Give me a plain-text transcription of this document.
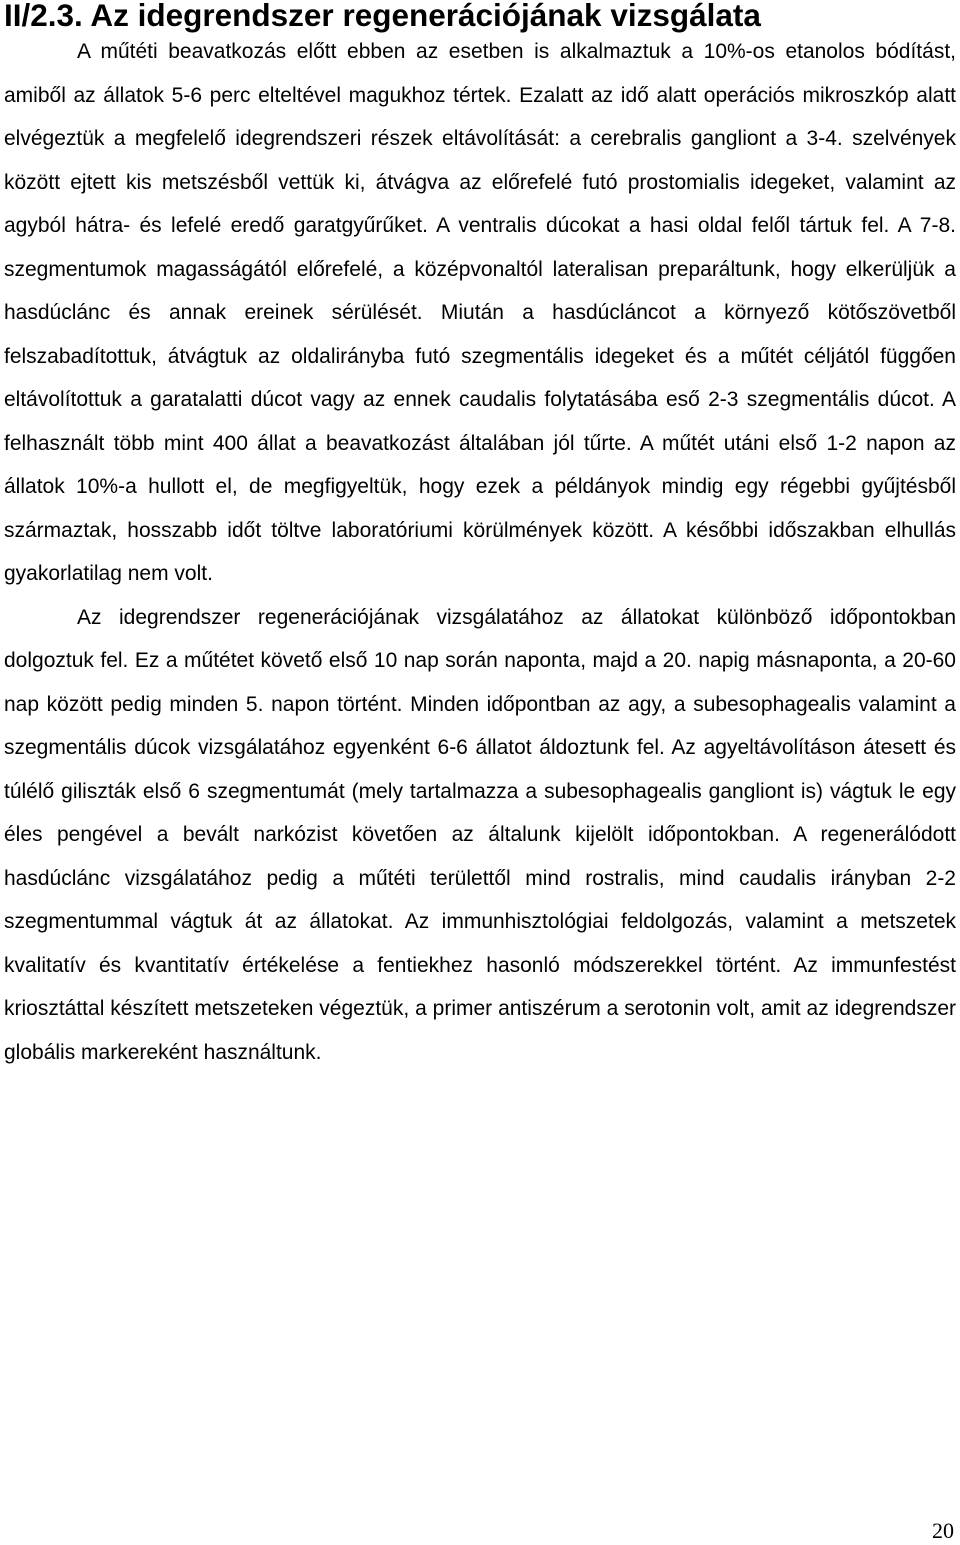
II/2.3. Az idegrendszer regenerációjának vizsgálata

A műtéti beavatkozás előtt ebben az esetben is alkalmaztuk a 10%-os etanolos bódítást, amiből az állatok 5-6 perc elteltével magukhoz tértek. Ezalatt az idő alatt operációs mikroszkóp alatt elvégeztük a megfelelő idegrendszeri részek eltávolítását: a cerebralis gangliont a 3-4. szelvények között ejtett kis metszésből vettük ki, átvágva az előrefelé futó prostomialis idegeket, valamint az agyból hátra- és lefelé eredő garatgyűrűket. A ventralis dúcokat a hasi oldal felől tártuk fel. A 7-8. szegmentumok magasságától előrefelé, a középvonaltól lateralisan preparáltunk, hogy elkerüljük a hasdúclánc és annak ereinek sérülését. Miután a hasdúcláncot a környező kötőszövetből felszabadítottuk, átvágtuk az oldalirányba futó szegmentális idegeket és a műtét céljától függően eltávolítottuk a garatalatti dúcot vagy az ennek caudalis folytatásába eső 2-3 szegmentális dúcot. A felhasznált több mint 400 állat a beavatkozást általában jól tűrte. A műtét utáni első 1-2 napon az állatok 10%-a hullott el, de megfigyeltük, hogy ezek a példányok mindig egy régebbi gyűjtésből származtak, hosszabb időt töltve laboratóriumi körülmények között. A későbbi időszakban elhullás gyakorlatilag nem volt.

Az idegrendszer regenerációjának vizsgálatához az állatokat különböző időpontokban dolgoztuk fel. Ez a műtétet követő első 10 nap során naponta, majd a 20. napig másnaponta, a 20-60 nap között pedig minden 5. napon történt. Minden időpontban az agy, a subesophagealis valamint a szegmentális dúcok vizsgálatához egyenként 6-6 állatot áldoztunk fel. Az agyeltávolításon átesett és túlélő giliszták első 6 szegmentumát (mely tartalmazza a subesophagealis gangliont is) vágtuk le egy éles pengével a bevált narkózist követően az általunk kijelölt időpontokban. A regenerálódott hasdúclánc vizsgálatához pedig a műtéti területtől mind rostralis, mind caudalis irányban 2-2 szegmentummal vágtuk át az állatokat. Az immunhisztológiai feldolgozás, valamint a metszetek kvalitatív és kvantitatív értékelése a fentiekhez hasonló módszerekkel történt. Az immunfestést kriosztáttal készített metszeteken végeztük, a primer antiszérum a serotonin volt, amit az idegrendszer globális markereként használtunk.

20
